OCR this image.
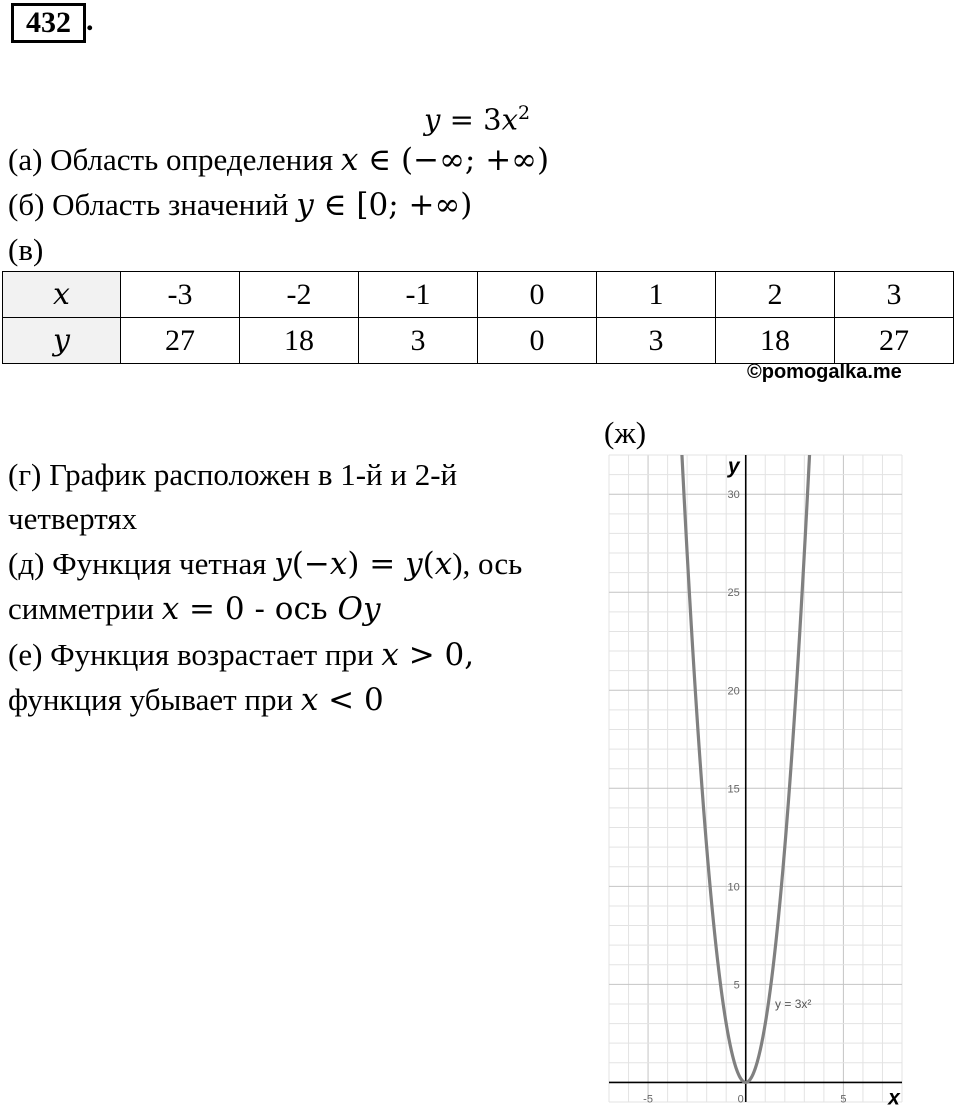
432 .
$y = 3x^2$
(а) Область определения x ∈ (−∞; +∞)
(б) Область значений y ∈ [0; +∞)
(в)
x	-3	-2	-1	0	1	2	3
y	27	18	3	0	3	18	27
©pomogalka.me
(ж)
(г) График расположен в 1-й и 2-й
четвертях
(д) Функция четная y(−x) = y(x), ось
симметрии x = 0 - ось Oy
(е) Функция возрастает при x > 0,
функция убывает при x < 0
-5	0	5
5
10
15
20
25
30
x
y
y = 3x²
